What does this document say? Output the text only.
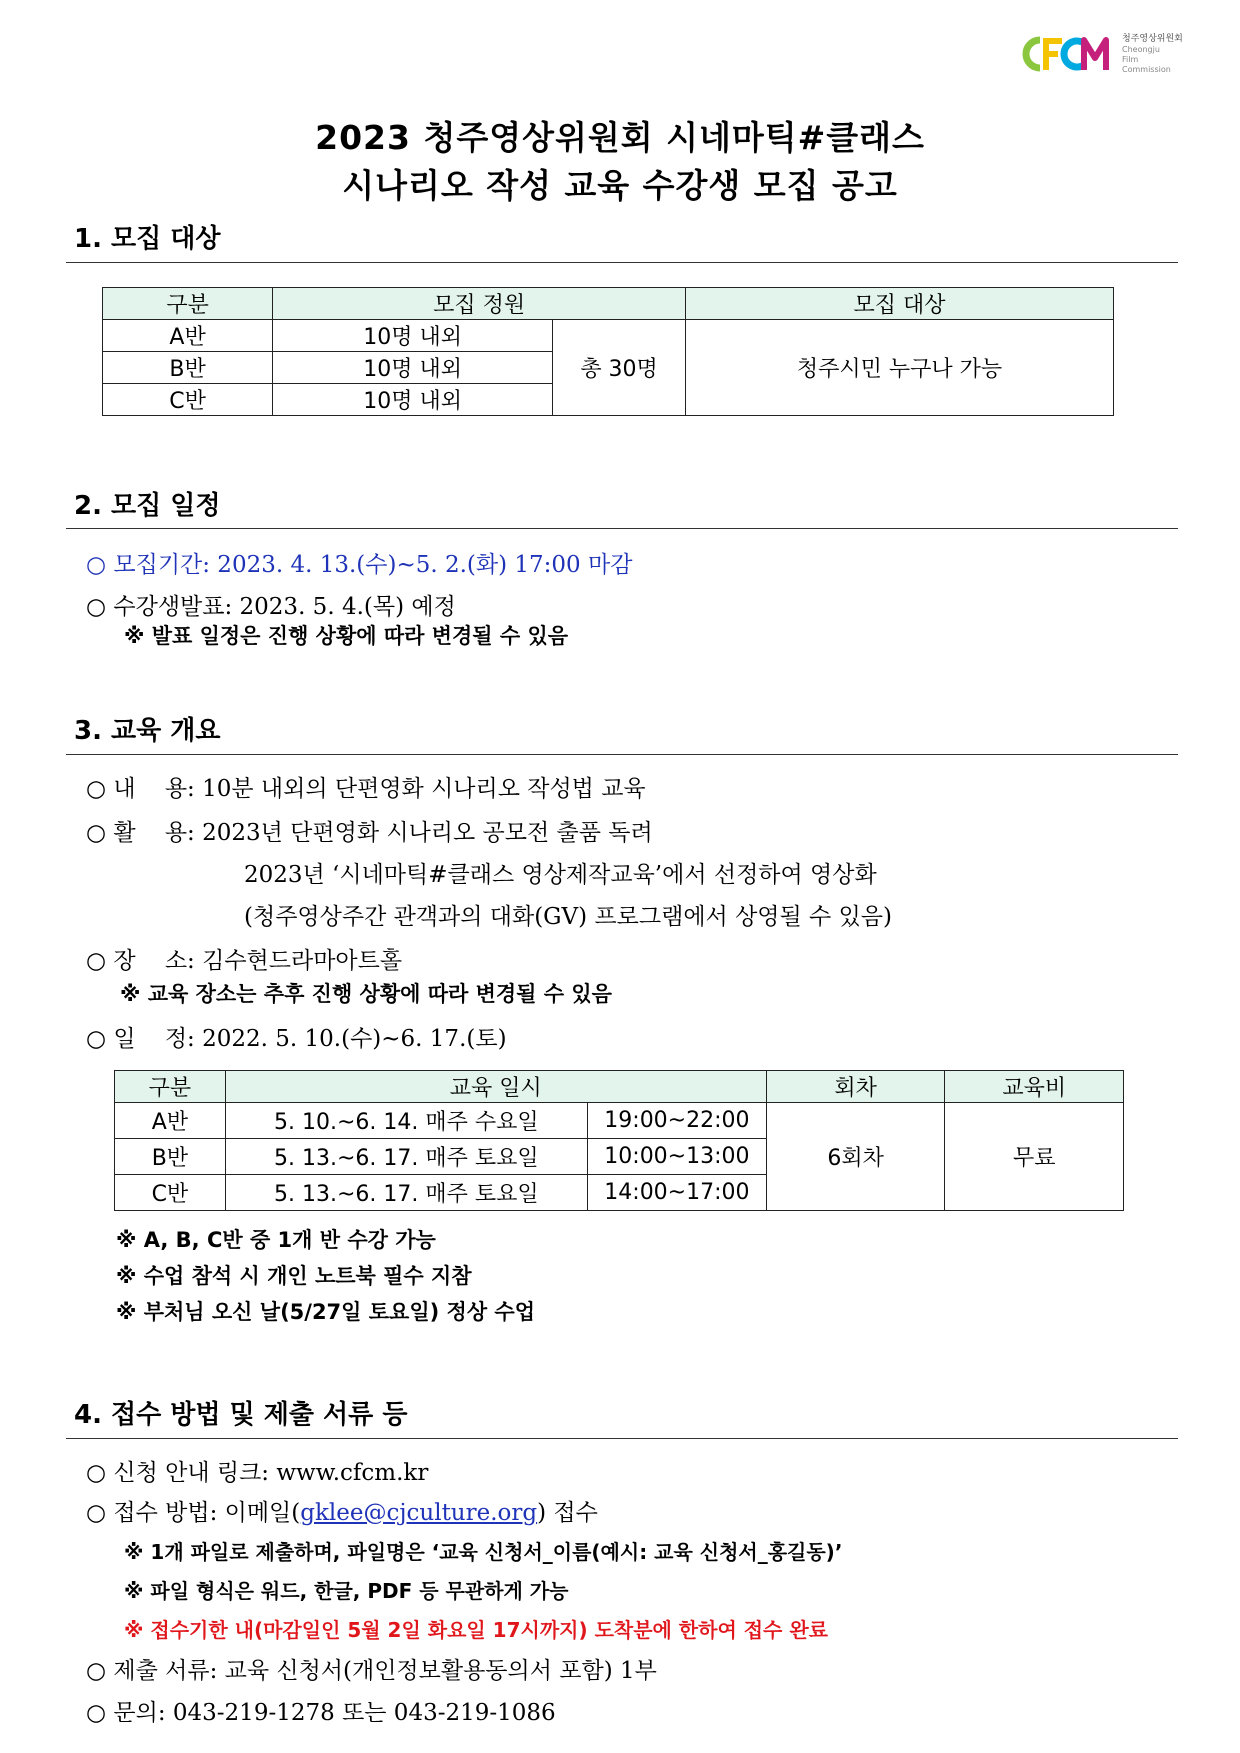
청주영상위원회
Cheongju
Film
Commission
2023 청주영상위원회 시네마틱#클래스
시나리오 작성 교육 수강생 모집 공고
1. 모집 대상
구분	모집 정원		모집 대상
A반	10명 내외	총 30명	청주시민 누구나 가능
B반	10명 내외		
C반	10명 내외		
2. 모집 일정
○ 모집기간: 2023. 4. 13.(수)~5. 2.(화) 17:00 마감
○ 수강생발표: 2023. 5. 4.(목) 예정
※ 발표 일정은 진행 상황에 따라 변경될 수 있음
3. 교육 개요
○ 내    용: 10분 내외의 단편영화 시나리오 작성법 교육
○ 활    용: 2023년 단편영화 시나리오 공모전 출품 독려
2023년 ‘시네마틱#클래스 영상제작교육’에서 선정하여 영상화
(청주영상주간 관객과의 대화(GV) 프로그램에서 상영될 수 있음)
○ 장    소: 김수현드라마아트홀
※ 교육 장소는 추후 진행 상황에 따라 변경될 수 있음
○ 일    정: 2022. 5. 10.(수)~6. 17.(토)
구분	교육 일시		회차	교육비
A반	5. 10.~6. 14. 매주 수요일	19:00~22:00	6회차	무료
B반	5. 13.~6. 17. 매주 토요일	10:00~13:00		
C반	5. 13.~6. 17. 매주 토요일	14:00~17:00		
※ A, B, C반 중 1개 반 수강 가능
※ 수업 참석 시 개인 노트북 필수 지참
※ 부처님 오신 날(5/27일 토요일) 정상 수업
4. 접수 방법 및 제출 서류 등
○ 신청 안내 링크: www.cfcm.kr
○ 접수 방법: 이메일(gklee@cjculture.org) 접수
※ 1개 파일로 제출하며, 파일명은 ‘교육 신청서_이름(예시: 교육 신청서_홍길동)’
※ 파일 형식은 워드, 한글, PDF 등 무관하게 가능
※ 접수기한 내(마감일인 5월 2일 화요일 17시까지) 도착분에 한하여 접수 완료
○ 제출 서류: 교육 신청서(개인정보활용동의서 포함) 1부
○ 문의: 043-219-1278 또는 043-219-1086
